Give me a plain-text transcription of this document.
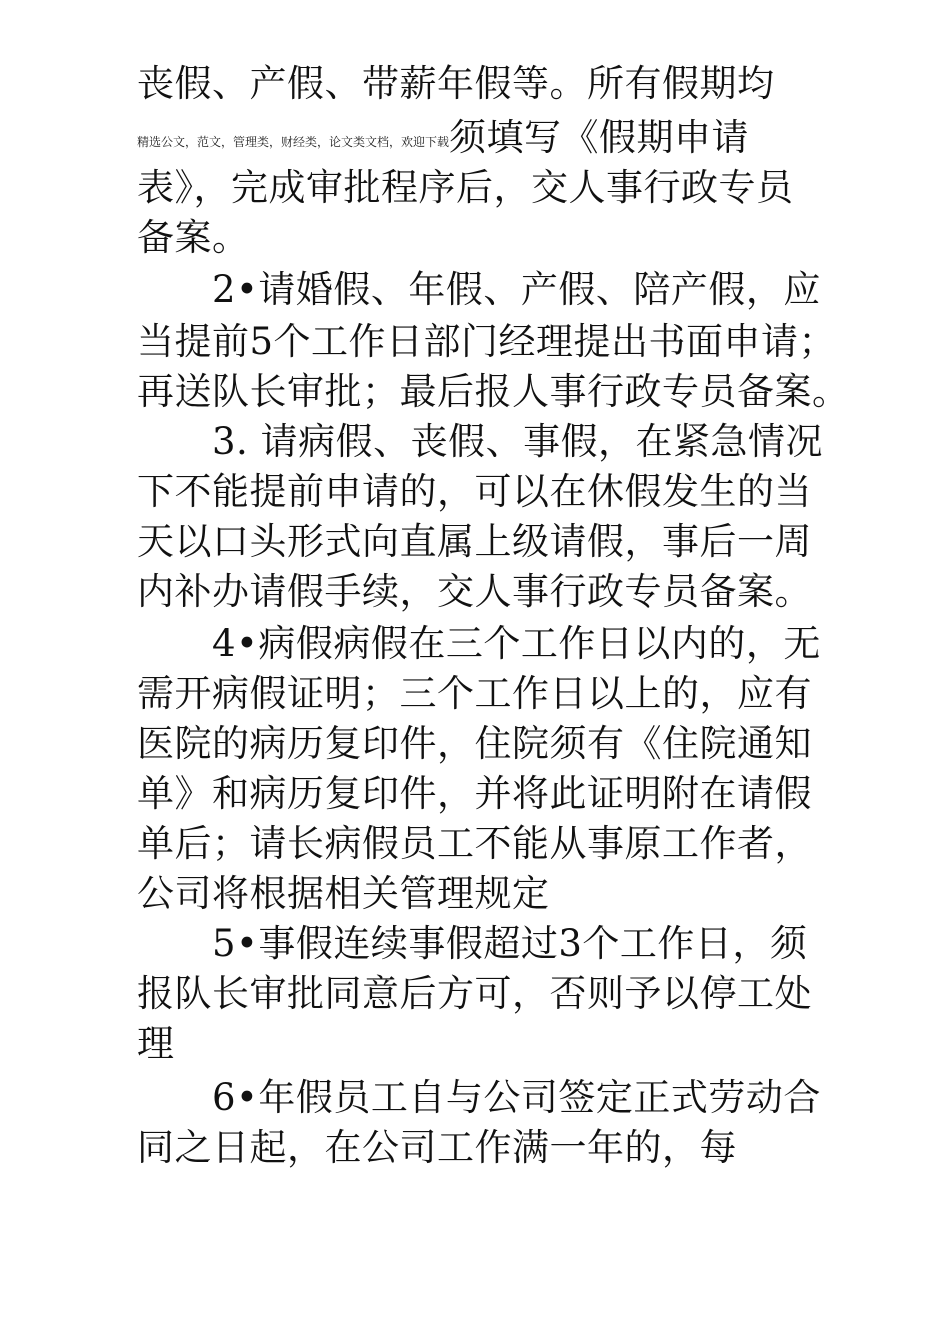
丧假、产假、带薪年假等。所有假期均
精选公文，范文，管理类，财经类，论文类文档，欢迎下载须填写《假期申请
表》，完成审批程序后，交人事行政专员
备案。
2•请婚假、年假、产假、陪产假，应
当提前5个工作日部门经理提出书面申请；
再送队长审批；最后报人事行政专员备案。
3. 请病假、丧假、事假，在紧急情况
下不能提前申请的，可以在休假发生的当
天以口头形式向直属上级请假，事后一周
内补办请假手续，交人事行政专员备案。
4•病假病假在三个工作日以内的，无
需开病假证明；三个工作日以上的，应有
医院的病历复印件，住院须有《住院通知
单》和病历复印件，并将此证明附在请假
单后；请长病假员工不能从事原工作者，
公司将根据相关管理规定
5•事假连续事假超过3个工作日，须
报队长审批同意后方可，否则予以停工处
理
6•年假员工自与公司签定正式劳动合
同之日起，在公司工作满一年的，每
